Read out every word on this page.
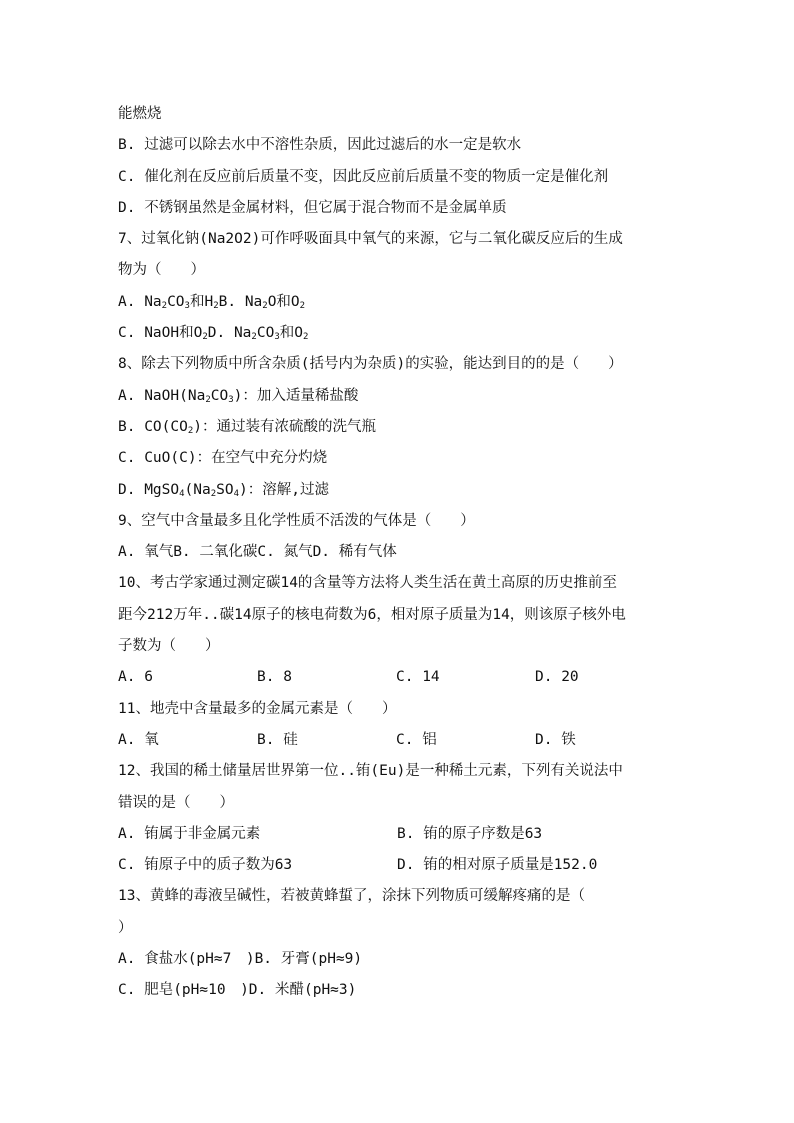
能燃烧
B. 过滤可以除去水中不溶性杂质，因此过滤后的水一定是软水
C. 催化剂在反应前后质量不变，因此反应前后质量不变的物质一定是催化剂
D. 不锈钢虽然是金属材料，但它属于混合物而不是金属单质
7、过氧化钠(Na2O2)可作呼吸面具中氧气的来源，它与二氧化碳反应后的生成
物为（　　）
A. $Na_2CO_3$和$H_2B$. $Na_2O$和$O_2$
C. NaOH和$O_2D$. $Na_2CO_3$和$O_2$
8、除去下列物质中所含杂质(括号内为杂质)的实验，能达到目的的是（　　）
A. $NaOH(Na_2CO_3)$：加入适量稀盐酸
B. $CO(CO_2)$：通过装有浓硫酸的洗气瓶
C. CuO(C)：在空气中充分灼烧
D. $MgSO_4(Na_2SO_4)$：溶解,过滤
9、空气中含量最多且化学性质不活泼的气体是（　　）
A. 氧气B. 二氧化碳C. 氮气D. 稀有气体
10、考古学家通过测定碳14的含量等方法将人类生活在黄土高原的历史推前至
距今212万年..碳14原子的核电荷数为6，相对原子质量为14，则该原子核外电
子数为（　　）
A. 6	B. 8	C. 14	D. 20
11、地壳中含量最多的金属元素是（　　）
A. 氧	B. 硅	C. 铝	D. 铁
12、我国的稀土储量居世界第一位..铕(Eu)是一种稀土元素，下列有关说法中
错误的是（　　）
A. 铕属于非金属元素	B. 铕的原子序数是63
C. 铕原子中的质子数为63	D. 铕的相对原子质量是152.0
13、黄蜂的毒液呈碱性，若被黄蜂蜇了，涂抹下列物质可缓解疼痛的是（
）
A. 食盐水(pH≈7　)B. 牙膏(pH≈9)
C. 肥皂(pH≈10　)D. 米醋(pH≈3)
